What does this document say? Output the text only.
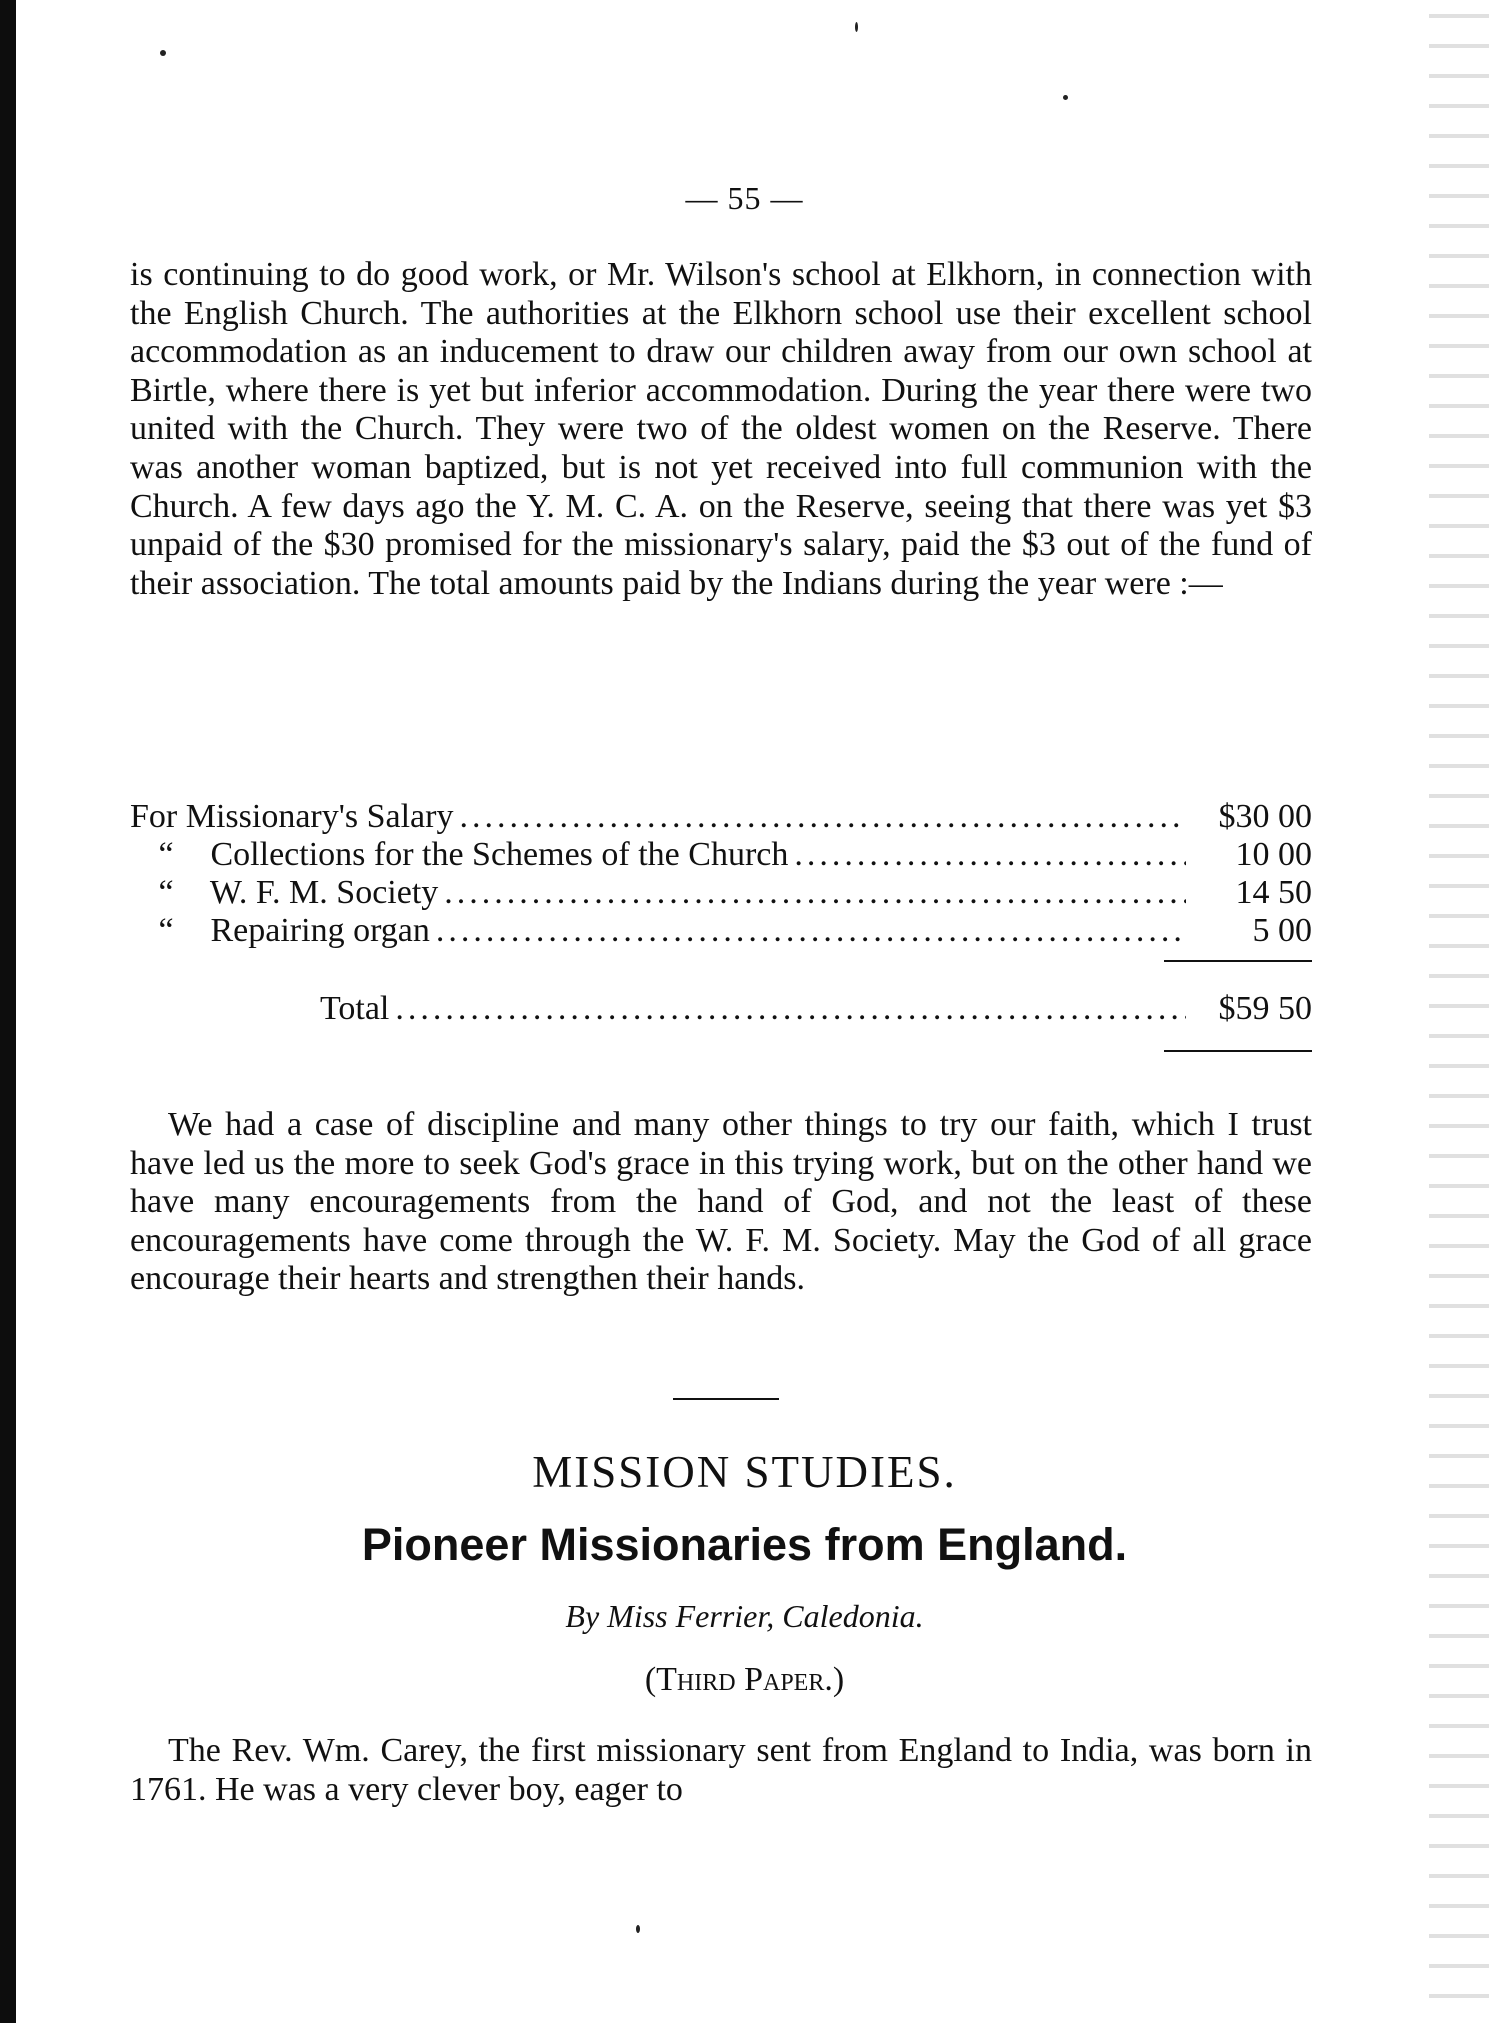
— 55 —
is continuing to do good work, or Mr. Wilson's school at Elkhorn, in connection with the English Church. The authorities at the Elkhorn school use their excellent school accommodation as an inducement to draw our children away from our own school at Birtle, where there is yet but inferior accommodation. During the year there were two united with the Church. They were two of the oldest women on the Reserve. There was another woman baptized, but is not yet received into full communion with the Church. A few days ago the Y. M. C. A. on the Reserve, seeing that there was yet $3 unpaid of the $30 promised for the missionary's salary, paid the $3 out of the fund of their association. The total amounts paid by the Indians during the year were :—
For Missionary's Salary .....	$30 00
“ Collections for the Schemes of the Church .....	10 00
“ W. F. M. Society .....	14 50
“ Repairing organ .....	5 00
Total .....	$59 50
We had a case of discipline and many other things to try our faith, which I trust have led us the more to seek God's grace in this trying work, but on the other hand we have many encouragements from the hand of God, and not the least of these encouragements have come through the W. F. M. Society. May the God of all grace encourage their hearts and strengthen their hands.
MISSION STUDIES.
Pioneer Missionaries from England.
By Miss Ferrier, Caledonia.
(Third Paper.)
The Rev. Wm. Carey, the first missionary sent from England to India, was born in 1761. He was a very clever boy, eager to
